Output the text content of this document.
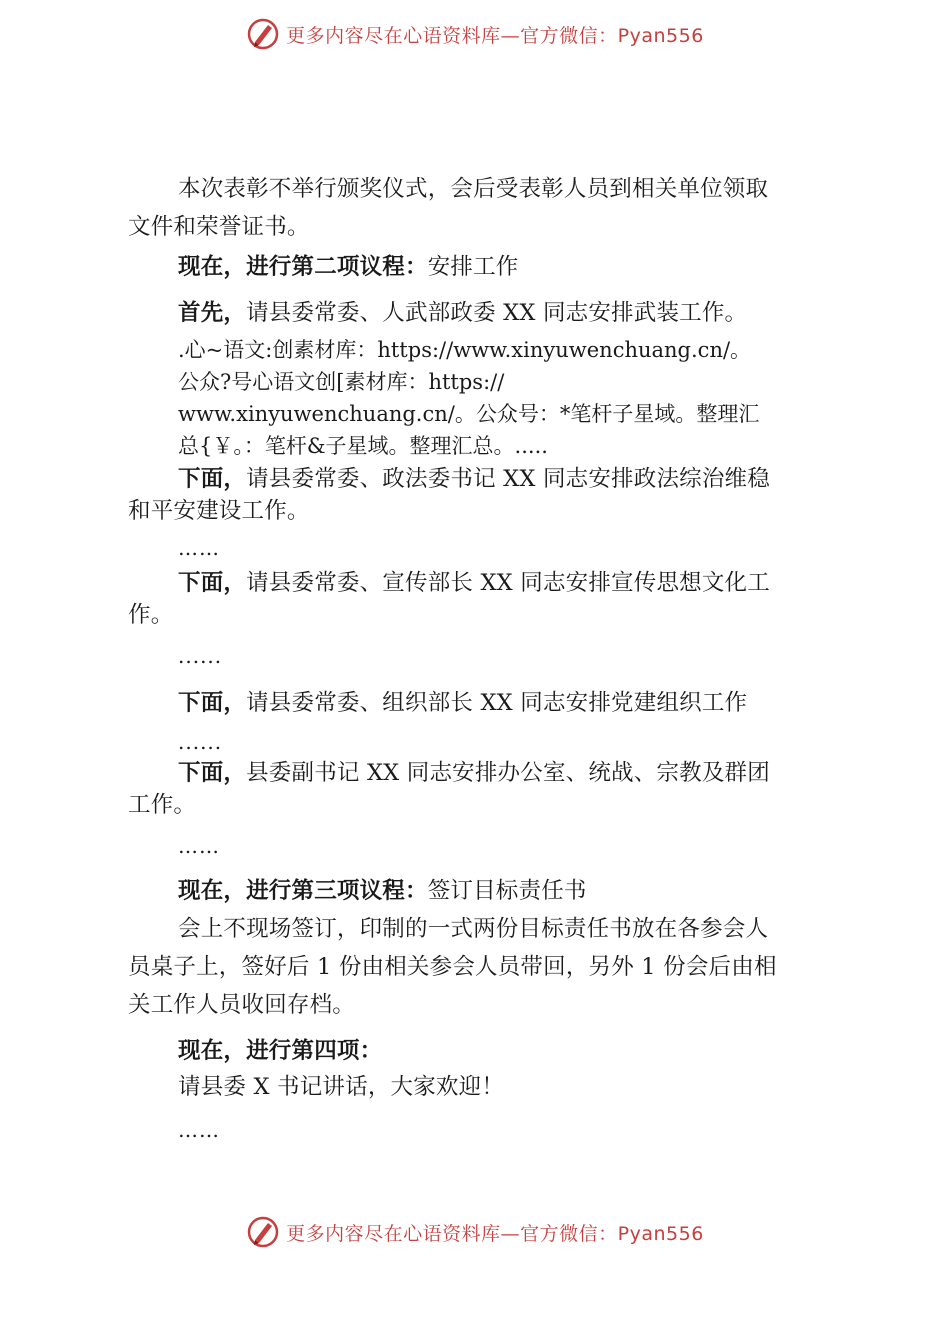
更多内容尽在心语资料库—官方微信：Pyan556
本次表彰不举行颁奖仪式，会后受表彰人员到相关单位领取
文件和荣誉证书。
现在，进行第二项议程：安排工作
首先，请县委常委、人武部政委 XX 同志安排武装工作。
.心~语文:创素材库：https://www.xinyuwenchuang.cn/。
公众?号心语文创[素材库：https://
www.xinyuwenchuang.cn/。公众号：*笔杆子星域。整理汇
总{￥。：笔杆&子星域。整理汇总。.....
下面，请县委常委、政法委书记 XX 同志安排政法综治维稳
和平安建设工作。
……
下面，请县委常委、宣传部长 XX 同志安排宣传思想文化工
作。
......
下面，请县委常委、组织部长 XX 同志安排党建组织工作
......
下面，县委副书记 XX 同志安排办公室、统战、宗教及群团
工作。
……
现在，进行第三项议程：签订目标责任书
会上不现场签订，印制的一式两份目标责任书放在各参会人
员桌子上，签好后 1 份由相关参会人员带回，另外 1 份会后由相
关工作人员收回存档。
现在，进行第四项：
请县委 X 书记讲话，大家欢迎！
……
更多内容尽在心语资料库—官方微信：Pyan556
